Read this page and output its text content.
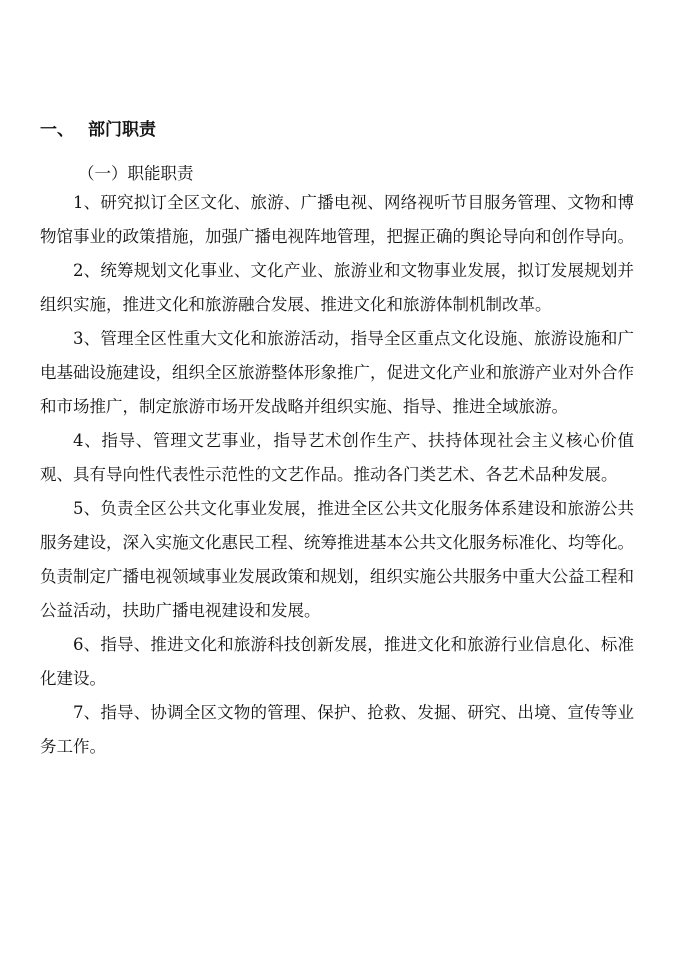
一、 部门职责
（一）职能职责

1、研究拟订全区文化、旅游、广播电视、网络视听节目服务管理、文物和博物馆事业的政策措施，加强广播电视阵地管理，把握正确的舆论导向和创作导向。

2、统筹规划文化事业、文化产业、旅游业和文物事业发展，拟订发展规划并组织实施，推进文化和旅游融合发展、推进文化和旅游体制机制改革。

3、管理全区性重大文化和旅游活动，指导全区重点文化设施、旅游设施和广电基础设施建设，组织全区旅游整体形象推广，促进文化产业和旅游产业对外合作和市场推广，制定旅游市场开发战略并组织实施、指导、推进全域旅游。

4、指导、管理文艺事业，指导艺术创作生产、扶持体现社会主义核心价值观、具有导向性代表性示范性的文艺作品。推动各门类艺术、各艺术品种发展。

5、负责全区公共文化事业发展，推进全区公共文化服务体系建设和旅游公共服务建设，深入实施文化惠民工程、统筹推进基本公共文化服务标准化、均等化。负责制定广播电视领域事业发展政策和规划，组织实施公共服务中重大公益工程和公益活动，扶助广播电视建设和发展。

6、指导、推进文化和旅游科技创新发展，推进文化和旅游行业信息化、标准化建设。

7、指导、协调全区文物的管理、保护、抢救、发掘、研究、出境、宣传等业务工作。
